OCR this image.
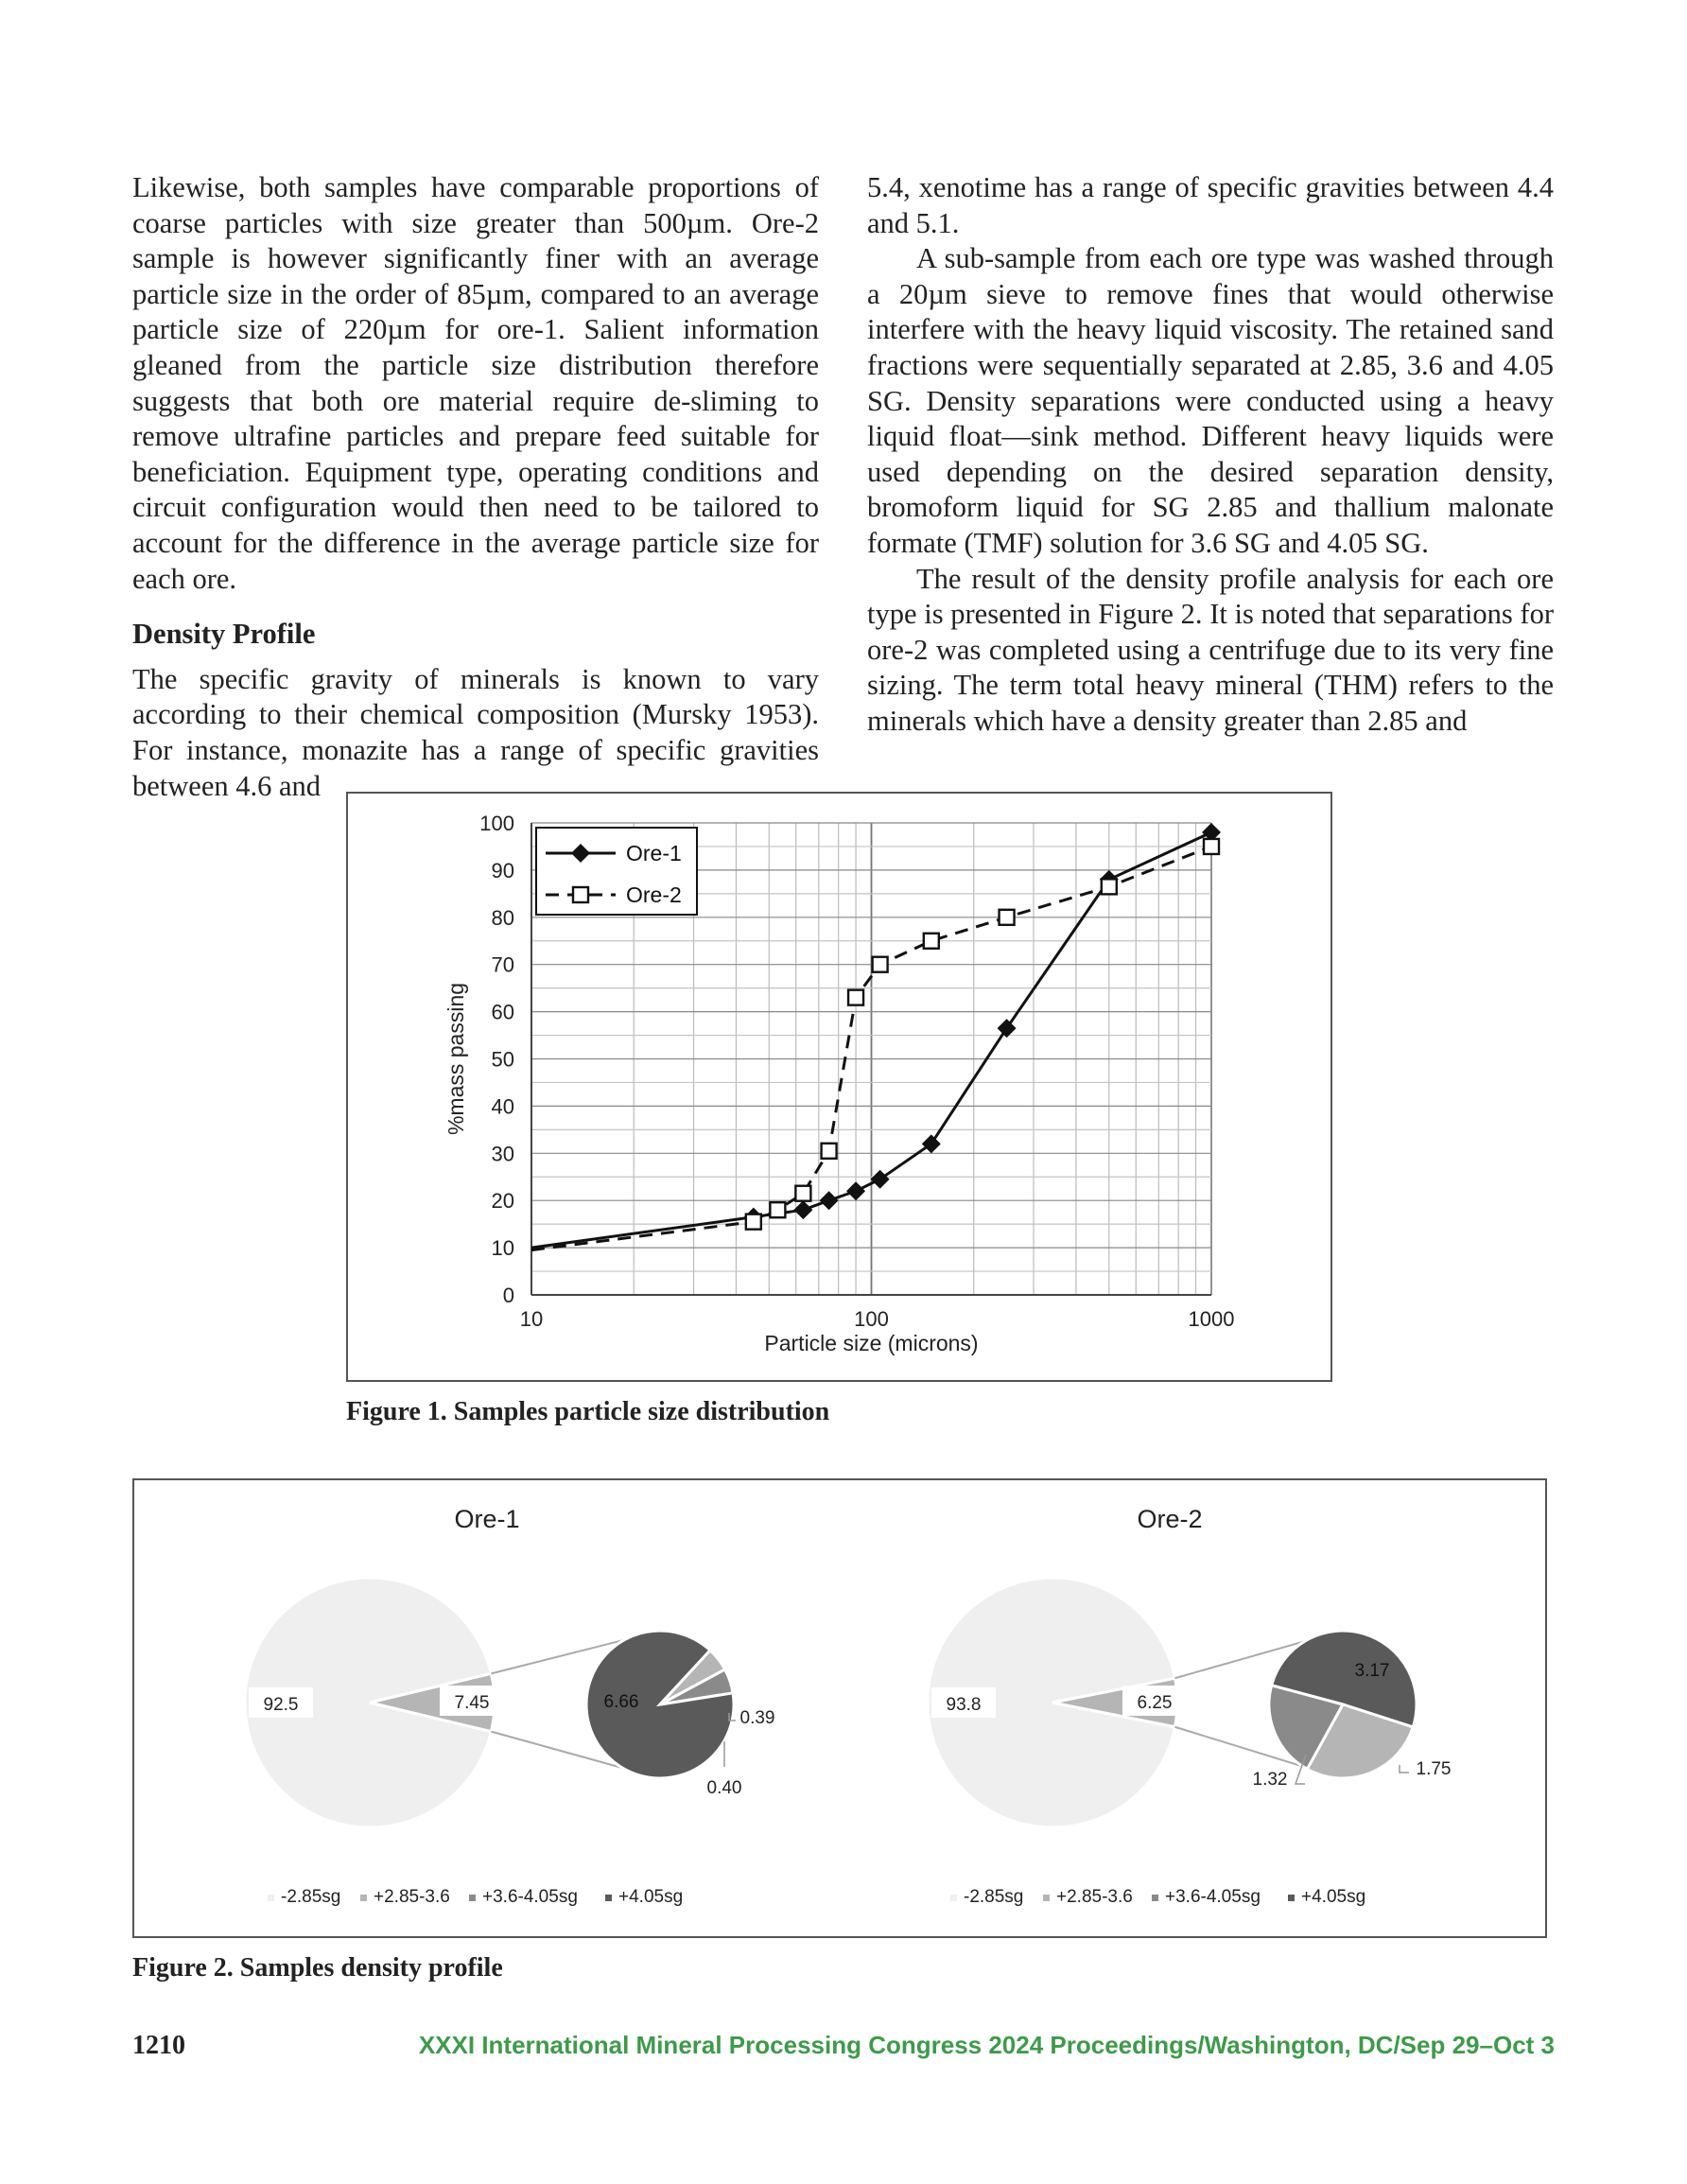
Likewise, both samples have comparable proportions of coarse particles with size greater than 500µm. Ore-2 sample is however significantly finer with an average particle size in the order of 85µm, compared to an average particle size of 220µm for ore-1. Salient information gleaned from the particle size distribution therefore suggests that both ore material require de-sliming to remove ultrafine particles and prepare feed suitable for beneficiation. Equipment type, operating conditions and circuit configuration would then need to be tailored to account for the difference in the average particle size for each ore.

Density Profile

The specific gravity of minerals is known to vary according to their chemical composition (Mursky 1953). For instance, monazite has a range of specific gravities between 4.6 and

5.4, xenotime has a range of specific gravities between 4.4 and 5.1.

A sub-sample from each ore type was washed through a 20µm sieve to remove fines that would otherwise interfere with the heavy liquid viscosity. The retained sand fractions were sequentially separated at 2.85, 3.6 and 4.05 SG. Density separations were conducted using a heavy liquid float—sink method. Different heavy liquids were used depending on the desired separation density, bromoform liquid for SG 2.85 and thallium malonate formate (TMF) solution for 3.6 SG and 4.05 SG.

The result of the density profile analysis for each ore type is presented in Figure 2. It is noted that separations for ore-2 was completed using a centrifuge due to its very fine sizing. The term total heavy mineral (THM) refers to the minerals which have a density greater than 2.85 and

0
10
20
30
40
50
60
70
80
90
100
10	100	1000
Particle size (microns)
%mass passing
Ore-1
Ore-2
Figure 1. Samples particle size distribution
Ore-1
92.5	7.45	6.66
0.39
0.40
-2.85sg +2.85-3.6 +3.6-4.05sg +4.05sg
Ore-2
93.8	6.25
3.17
1.75
1.32
-2.85sg +2.85-3.6 +3.6-4.05sg +4.05sg
Figure 2. Samples density profile
1210	XXXI International Mineral Processing Congress 2024 Proceedings/Washington, DC/Sep 29–Oct 3
